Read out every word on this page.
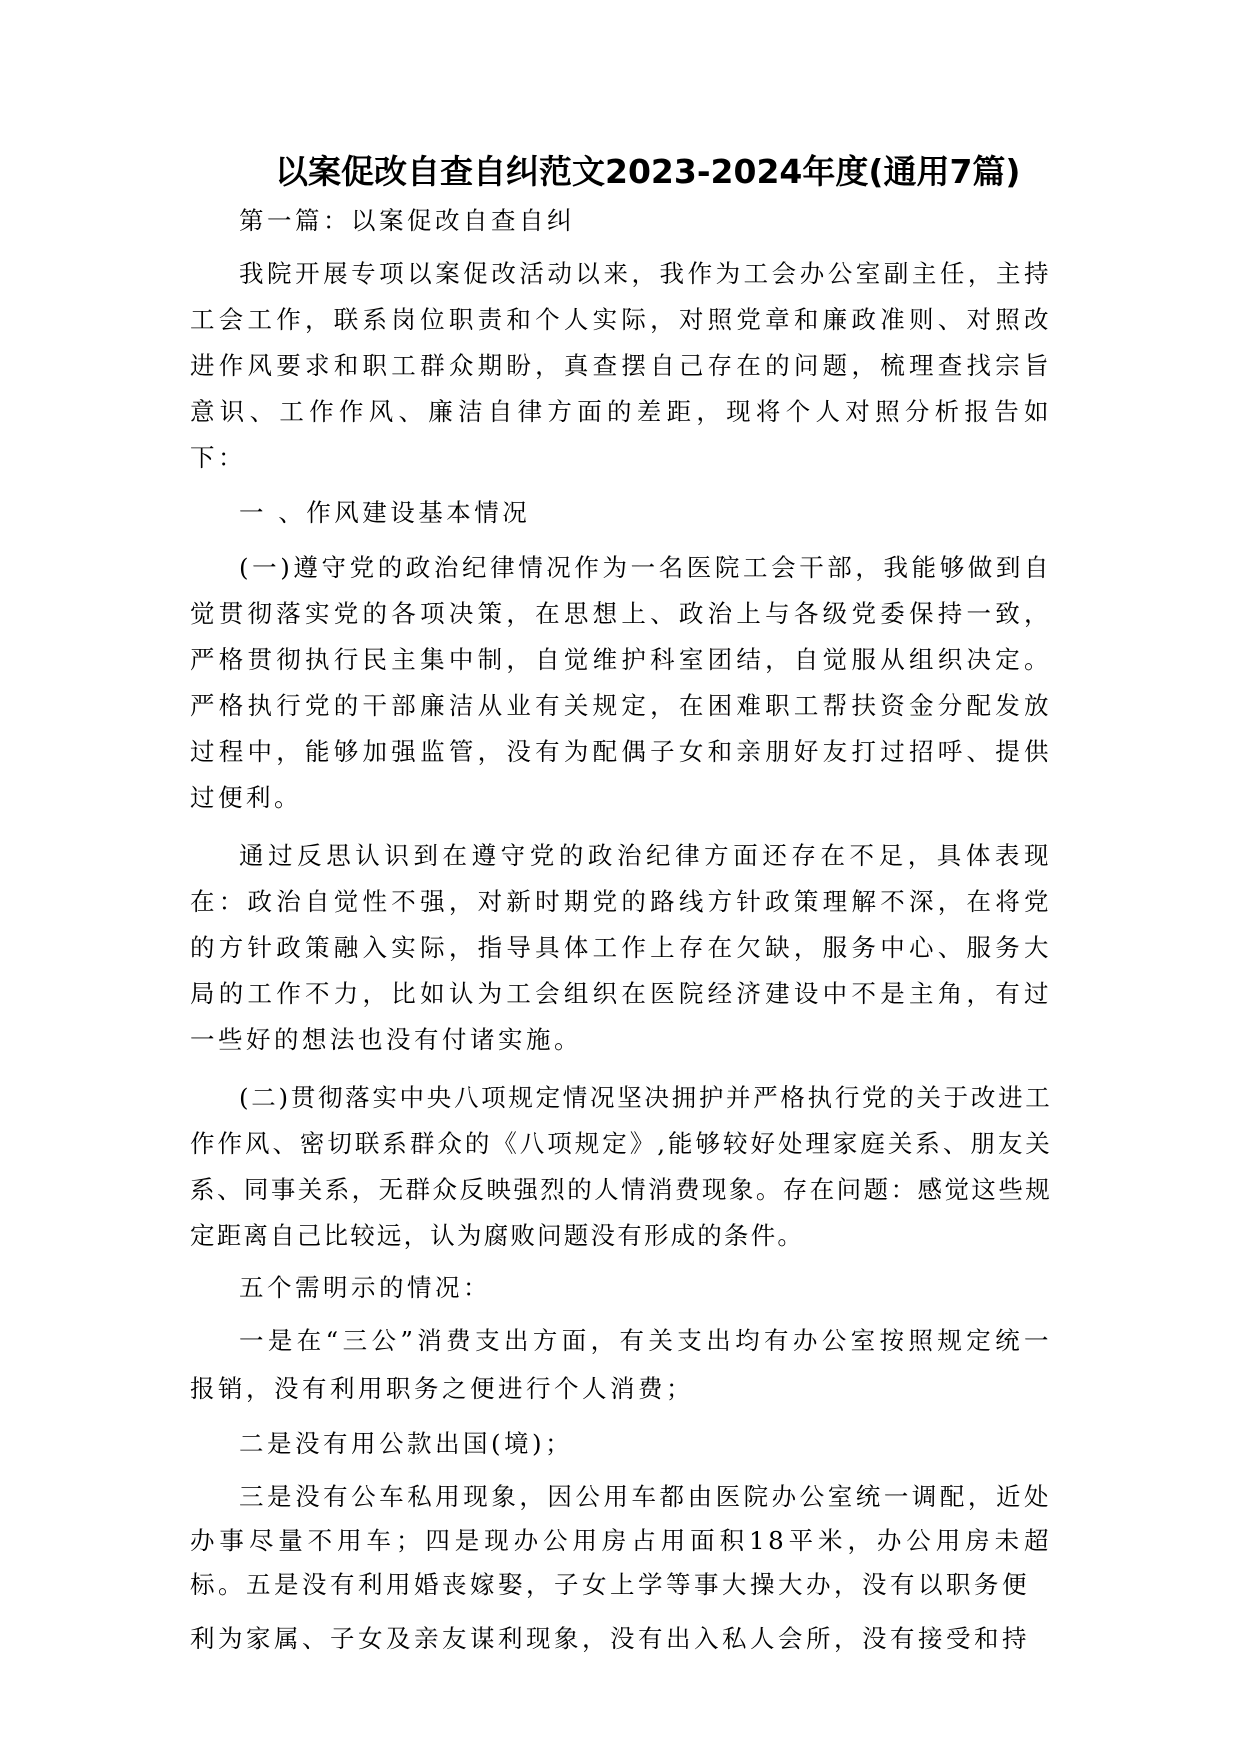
以案促改自查自纠范文2023-2024年度(通用7篇)

第一篇：以案促改自查自纠

我院开展专项以案促改活动以来，我作为工会办公室副主任，主持工会工作，联系岗位职责和个人实际，对照党章和廉政准则、对照改进作风要求和职工群众期盼，真查摆自己存在的问题，梳理查找宗旨意识、工作作风、廉洁自律方面的差距，现将个人对照分析报告如下：

一 、作风建设基本情况

(一)遵守党的政治纪律情况作为一名医院工会干部，我能够做到自觉贯彻落实党的各项决策，在思想上、政治上与各级党委保持一致，严格贯彻执行民主集中制，自觉维护科室团结，自觉服从组织决定。严格执行党的干部廉洁从业有关规定，在困难职工帮扶资金分配发放过程中，能够加强监管，没有为配偶子女和亲朋好友打过招呼、提供过便利。

通过反思认识到在遵守党的政治纪律方面还存在不足，具体表现在：政治自觉性不强，对新时期党的路线方针政策理解不深，在将党的方针政策融入实际，指导具体工作上存在欠缺，服务中心、服务大局的工作不力，比如认为工会组织在医院经济建设中不是主角，有过一些好的想法也没有付诸实施。

(二)贯彻落实中央八项规定情况坚决拥护并严格执行党的关于改进工作作风、密切联系群众的《八项规定》,能够较好处理家庭关系、朋友关系、同事关系，无群众反映强烈的人情消费现象。存在问题：感觉这些规定距离自己比较远，认为腐败问题没有形成的条件。

五个需明示的情况：

一是在“三公”消费支出方面，有关支出均有办公室按照规定统一报销，没有利用职务之便进行个人消费；

二是没有用公款出国(境)；

三是没有公车私用现象，因公用车都由医院办公室统一调配，近处办事尽量不用车；四是现办公用房占用面积18平米，办公用房未超 标。五是没有利用婚丧嫁娶，子女上学等事大操大办，没有以职务便

利为家属、子女及亲友谋利现象，没有出入私人会所，没有接受和持
